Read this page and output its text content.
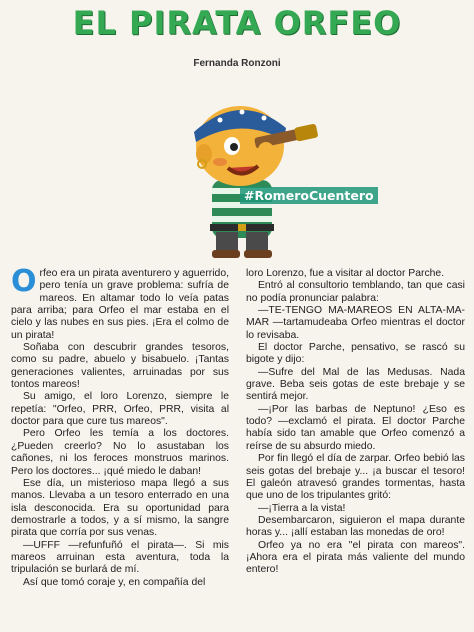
EL PIRATA ORFEO
Fernanda Ronzoni
#RomeroCuentero

Orfeo era un pirata aventurero y aguerrido, pero tenía un grave problema: sufría de mareos. En altamar todo lo veía patas para arriba; para Orfeo el mar estaba en el cielo y las nubes en sus pies. ¡Era el colmo de un pirata!

Soñaba con descubrir grandes tesoros, como su padre, abuelo y bisabuelo. ¡Tantas generaciones valientes, arruinadas por sus tontos mareos!

Su amigo, el loro Lorenzo, siempre le repetía: "Orfeo, PRR, Orfeo, PRR, visita al doctor para que cure tus mareos".

Pero Orfeo les temía a los doctores. ¿Pueden creerlo? No lo asustaban los cañones, ni los feroces monstruos marinos. Pero los doctores... ¡qué miedo le daban!

Ese día, un misterioso mapa llegó a sus manos. Llevaba a un tesoro enterrado en una isla desconocida. Era su oportunidad para demostrarle a todos, y a sí mismo, la sangre pirata que corría por sus venas.

—UFFF —refunfuñó el pirata—. Si mis mareos arruinan esta aventura, toda la tripulación se burlará de mí.

Así que tomó coraje y, en compañía del

loro Lorenzo, fue a visitar al doctor Parche.

Entró al consultorio temblando, tan que casi no podía pronunciar palabra:

—TE-TENGO MA-MAREOS EN ALTA-MA-MAR —tartamudeaba Orfeo mientras el doctor lo revisaba.

El doctor Parche, pensativo, se rascó su bigote y dijo:

—Sufre del Mal de las Medusas. Nada grave. Beba seis gotas de este brebaje y se sentirá mejor.

—¡Por las barbas de Neptuno! ¿Eso es todo? —exclamó el pirata. El doctor Parche había sido tan amable que Orfeo comenzó a reírse de su absurdo miedo.

Por fin llegó el día de zarpar. Orfeo bebió las seis gotas del brebaje y... ¡a buscar el tesoro! El galeón atravesó grandes tormentas, hasta que uno de los tripulantes gritó:

—¡Tierra a la vista!

Desembarcaron, siguieron el mapa durante horas y... ¡allí estaban las monedas de oro!

Orfeo ya no era "el pirata con mareos". ¡Ahora era el pirata más valiente del mundo entero!
